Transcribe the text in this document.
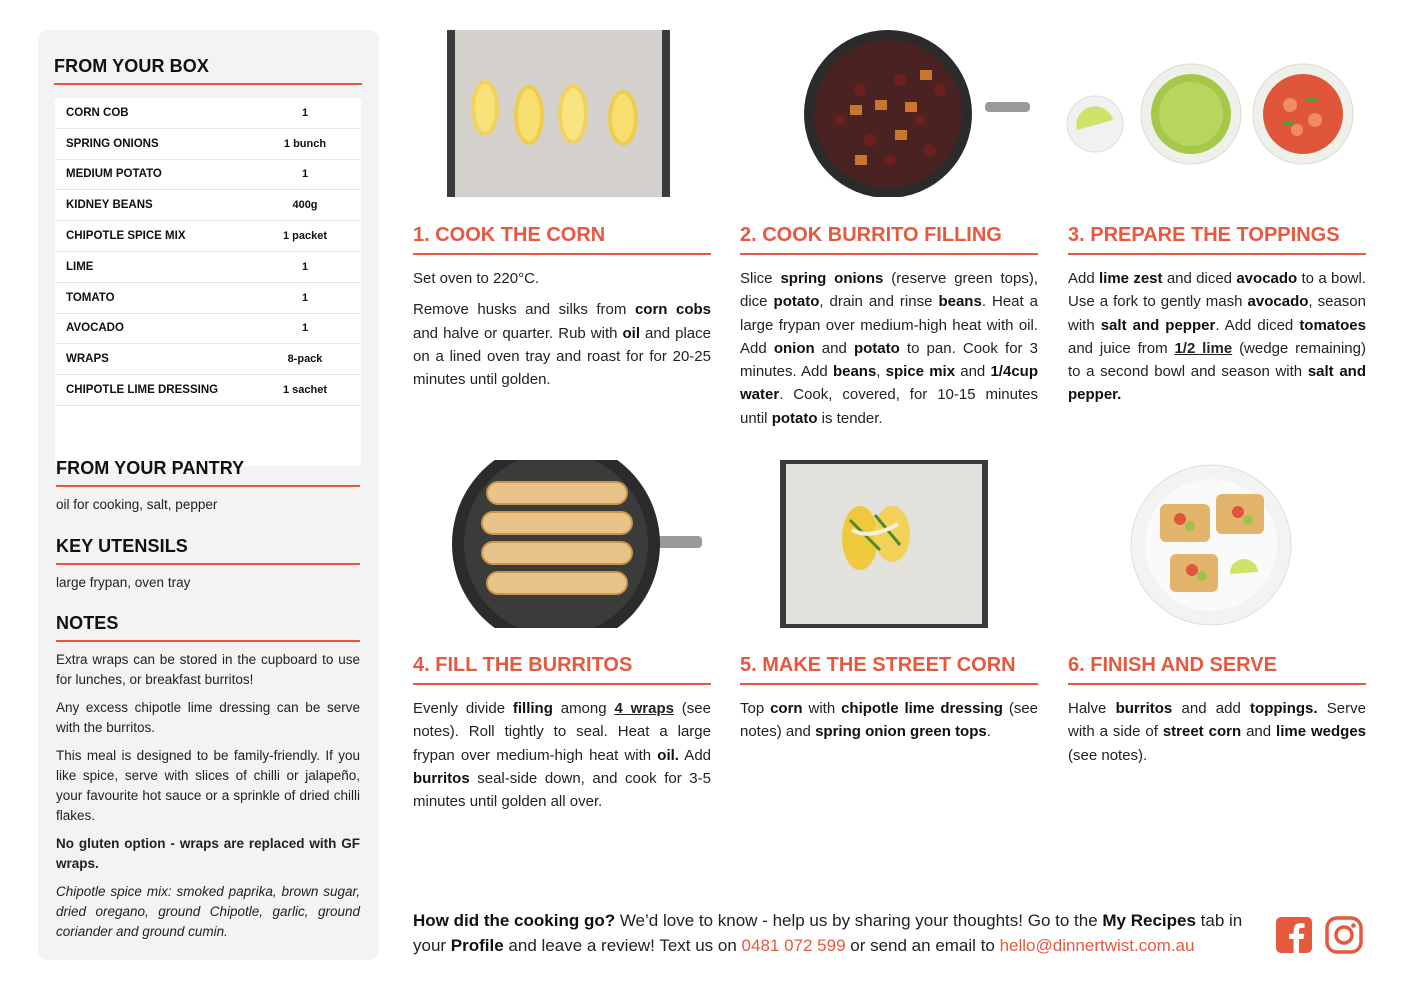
FROM YOUR BOX
CORN COB	1
SPRING ONIONS	1 bunch
MEDIUM POTATO	1
KIDNEY BEANS	400g
CHIPOTLE SPICE MIX	1 packet
LIME	1
TOMATO	1
AVOCADO	1
WRAPS	8-pack
CHIPOTLE LIME DRESSING	1 sachet
FROM YOUR PANTRY
oil for cooking, salt, pepper
KEY UTENSILS
large frypan, oven tray
NOTES

Extra wraps can be stored in the cupboard to use for lunches, or breakfast burritos!

Any excess chipotle lime dressing can be serve with the burritos.

This meal is designed to be family-friendly. If you like spice, serve with slices of chilli or jalapeño, your favourite hot sauce or a sprinkle of dried chilli flakes.

No gluten option - wraps are replaced with GF wraps.

Chipotle spice mix: smoked paprika, brown sugar, dried oregano, ground Chipotle, garlic, ground coriander and ground cumin.

1. COOK THE CORN

Set oven to 220°C.

Remove husks and silks from corn cobs and halve or quarter. Rub with oil and place on a lined oven tray and roast for for 20-25 minutes until golden.

2. COOK BURRITO FILLING

Slice spring onions (reserve green tops), dice potato, drain and rinse beans. Heat a large frypan over medium-high heat with oil. Add onion and potato to pan. Cook for 3 minutes. Add beans, spice mix and 1/4cup water. Cook, covered, for 10-15 minutes until potato is tender.

3. PREPARE THE TOPPINGS

Add lime zest and diced avocado to a bowl. Use a fork to gently mash avocado, season with salt and pepper. Add diced tomatoes and juice from 1/2 lime (wedge remaining) to a second bowl and season with salt and pepper.

4. FILL THE BURRITOS

Evenly divide filling among 4 wraps (see notes). Roll tightly to seal. Heat a large frypan over medium-high heat with oil. Add burritos seal-side down, and cook for 3-5 minutes until golden all over.

5. MAKE THE STREET CORN

Top corn with chipotle lime dressing (see notes) and spring onion green tops.

6. FINISH AND SERVE

Halve burritos and add toppings. Serve with a side of street corn and lime wedges (see notes).

How did the cooking go? We’d love to know - help us by sharing your thoughts! Go to the My Recipes tab in your Profile and leave a review! Text us on 0481 072 599 or send an email to hello@dinnertwist.com.au
